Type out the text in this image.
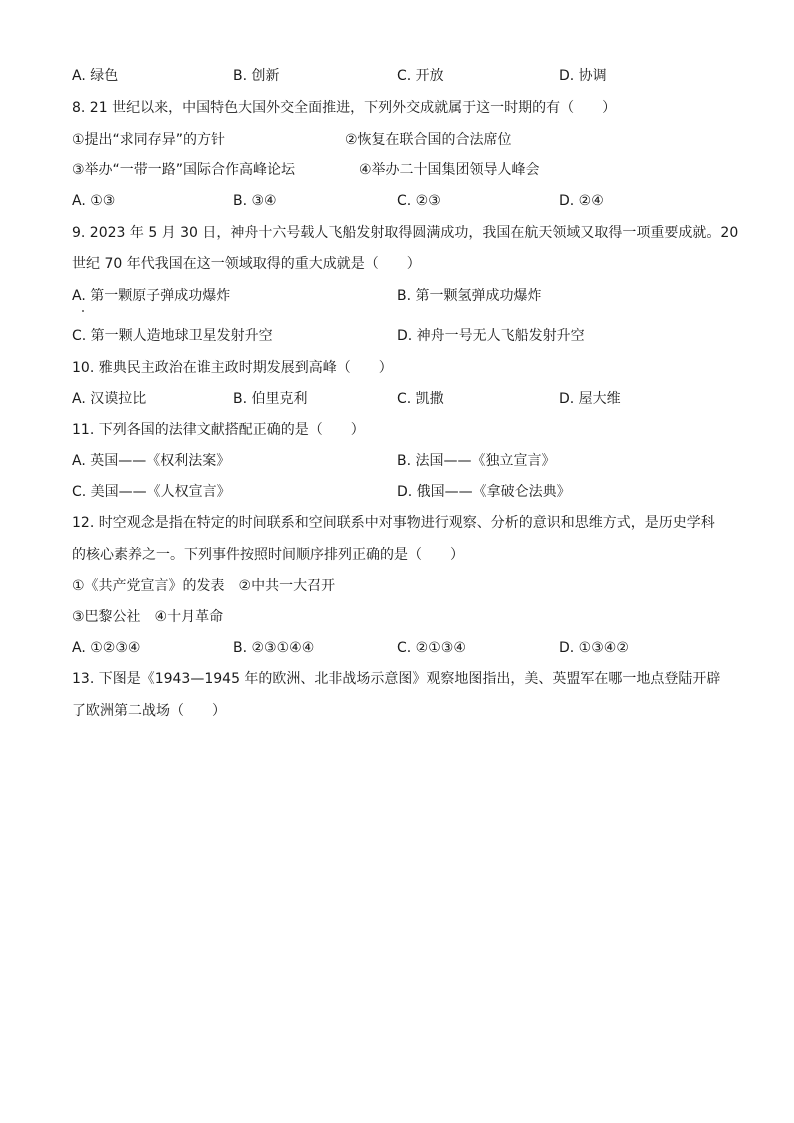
A. 绿色	B. 创新	C. 开放	D. 协调
8. 21 世纪以来，中国特色大国外交全面推进，下列外交成就属于这一时期的有（　　）
①提出“求同存异”的方针	②恢复在联合国的合法席位
③举办“一带一路”国际合作高峰论坛	④举办二十国集团领导人峰会
A. ①③	B. ③④	C. ②③	D. ②④
9. 2023 年 5 月 30 日，神舟十六号载人飞船发射取得圆满成功，我国在航天领域又取得一项重要成就。20
世纪 70 年代我国在这一领域取得的重大成就是（　　）
A. 第一颗原子弹成功爆炸	B. 第一颗氢弹成功爆炸
C. 第一颗人造地球卫星发射升空	D. 神舟一号无人飞船发射升空
10. 雅典民主政治在谁主政时期发展到高峰（　　）
A. 汉谟拉比	B. 伯里克利	C. 凯撒	D. 屋大维
11. 下列各国的法律文献搭配正确的是（　　）
A. 英国——《权利法案》	B. 法国——《独立宣言》
C. 美国——《人权宣言》	D. 俄国——《拿破仑法典》
12. 时空观念是指在特定的时间联系和空间联系中对事物进行观察、分析的意识和思维方式，是历史学科
的核心素养之一。下列事件按照时间顺序排列正确的是（　　）
①《共产党宣言》的发表　②中共一大召开
③巴黎公社　④十月革命
A. ①②③④	B. ②③①④④	C. ②①③④	D. ①③④②
13. 下图是《1943—1945 年的欧洲、北非战场示意图》观察地图指出，美、英盟军在哪一地点登陆开辟
了欧洲第二战场（　　）
